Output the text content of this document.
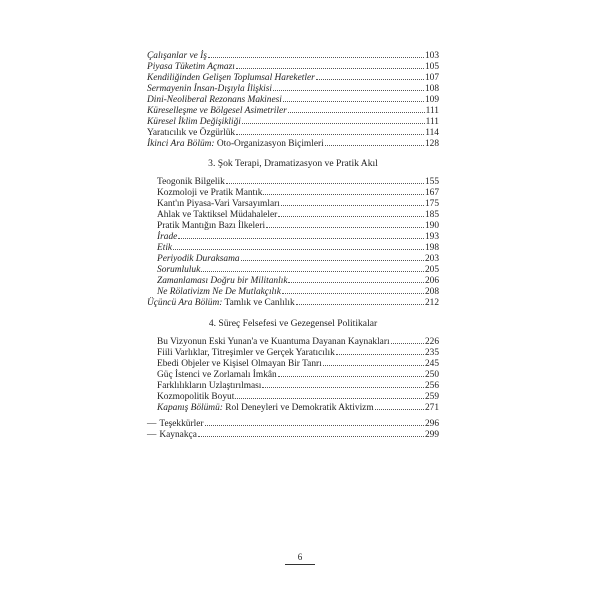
Çalışanlar ve İş	103
Piyasa Tüketim Açmazı	105
Kendiliğinden Gelişen Toplumsal Hareketler	107
Sermayenin İnsan-Dışıyla İlişkisi	108
Dini-Neoliberal Rezonans Makinesi	109
Küreselleşme ve Bölgesel Asimetriler	111
Küresel İklim Değişikliği	111
Yaratıcılık ve Özgürlük	114
İkinci Ara Bölüm: Oto-Organizasyon Biçimleri	128
3. Şok Terapi, Dramatizasyon ve Pratik Akıl
Teogonik Bilgelik	155
Kozmoloji ve Pratik Mantık	167
Kant'ın Piyasa-Vari Varsayımları	175
Ahlak ve Taktiksel Müdahaleler	185
Pratik Mantığın Bazı İlkeleri	190
İrade	193
Etik	198
Periyodik Duraksama	203
Sorumluluk	205
Zamanlaması Doğru bir Militanlık	206
Ne Rölativizm Ne De Mutlakçılık	208
Üçüncü Ara Bölüm: Tamlık ve Canlılık	212
4. Süreç Felsefesi ve Gezegensel Politikalar
Bu Vizyonun Eski Yunan'a ve Kuantuma Dayanan Kaynakları	226
Fiili Varlıklar, Titreşimler ve Gerçek Yaratıcılık	235
Ebedi Objeler ve Kişisel Olmayan Bir Tanrı	245
Güç İstenci ve Zorlamalı İmkân	250
Farklılıkların Uzlaştırılması	256
Kozmopolitik Boyut	259
Kapanış Bölümü: Rol Deneyleri ve Demokratik Aktivizm	271
— Teşekkürler	296
— Kaynakça	299
6
